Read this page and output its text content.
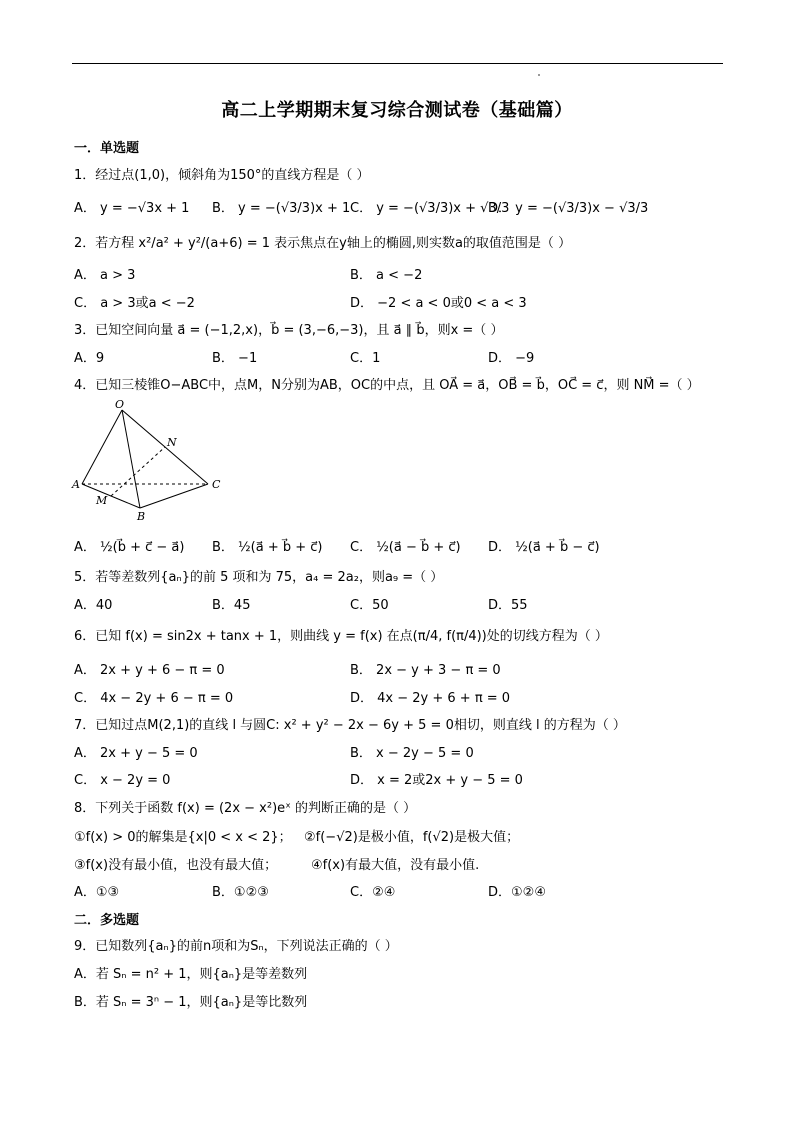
高二上学期期末复习综合测试卷（基础篇）
一．单选题
1．经过点(1,0)，倾斜角为150°的直线方程是（ ）
A． y = −√3x + 1 B． y = −(√3/3)x + 1 C． y = −(√3/3)x + √3/3
D． y = −(√3/3)x − √3/3
2．若方程 x²/a² + y²/(a+6) = 1 表示焦点在y轴上的椭圆,则实数a的取值范围是（ ）
A． a > 3	B． a < −2
C． a > 3或a < −2	D． −2 < a < 0或0 < a < 3
3．已知空间向量 a⃗ = (−1,2,x)，b⃗ = (3,−6,−3)，且 a⃗ ∥ b⃗，则x =（ ）
A．9	B． −1	C．1	D． −9
4．已知三棱锥O−ABC中，点M，N分别为AB，OC的中点，且 OA⃗ = a⃗，OB⃗ = b⃗，OC⃗ = c⃗，则 NM⃗ =（ ）
O
N
A
M
B
C
A． ½(b⃗ + c⃗ − a⃗) B． ½(a⃗ + b⃗ + c⃗) C． ½(a⃗ − b⃗ + c⃗) D． ½(a⃗ + b⃗ − c⃗)
5．若等差数列{aₙ}的前 5 项和为 75，a₄ = 2a₂，则a₉ =（ ）
A．40	B．45	C．50	D．55
6．已知 f(x) = sin2x + tanx + 1，则曲线 y = f(x) 在点(π/4, f(π/4))处的切线方程为（ ）
A． 2x + y + 6 − π = 0	B． 2x − y + 3 − π = 0
C． 4x − 2y + 6 − π = 0	D． 4x − 2y + 6 + π = 0
7．已知过点M(2,1)的直线 l 与圆C: x² + y² − 2x − 6y + 5 = 0相切，则直线 l 的方程为（ ）
A． 2x + y − 5 = 0	B． x − 2y − 5 = 0
C． x − 2y = 0	D． x = 2或2x + y − 5 = 0
8．下列关于函数 f(x) = (2x − x²)eˣ 的判断正确的是（ ）
①f(x) > 0的解集是{x|0 < x < 2}； ②f(−√2)是极小值，f(√2)是极大值；
③f(x)没有最小值，也没有最大值；	④f(x)有最大值，没有最小值.
A．①③	B．①②③	C．②④	D．①②④
二．多选题
9．已知数列{aₙ}的前n项和为Sₙ，下列说法正确的（ ）
A．若 Sₙ = n² + 1，则{aₙ}是等差数列
B．若 Sₙ = 3ⁿ − 1，则{aₙ}是等比数列
